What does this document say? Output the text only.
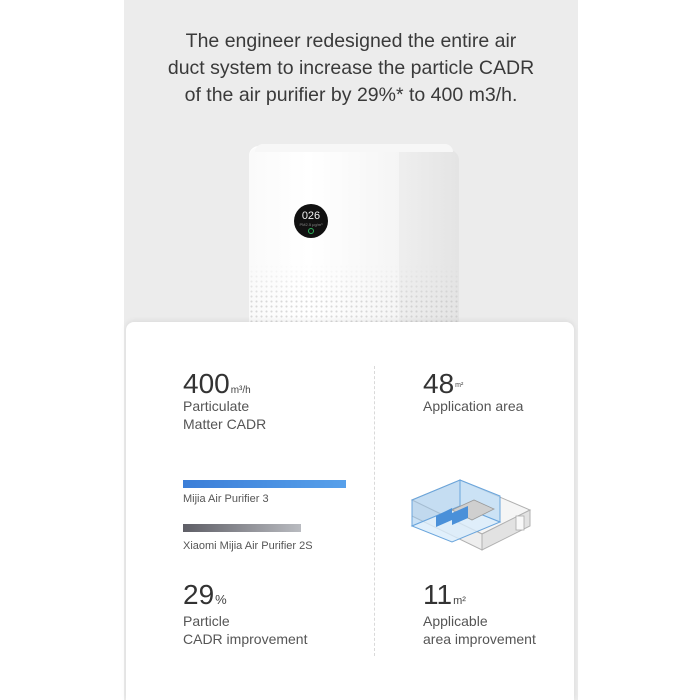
The engineer redesigned the entire air
duct system to increase the particle CADR
of the air purifier by 29%* to 400 m3/h.
026
PM2.5 μg/m³
400m³/h
Particulate
Matter CADR
$48^{m^2}$
Application area
Mijia Air Purifier 3
Xiaomi Mijia Air Purifier 2S
29%
Particle
CADR improvement
11m²
Applicable
area improvement
